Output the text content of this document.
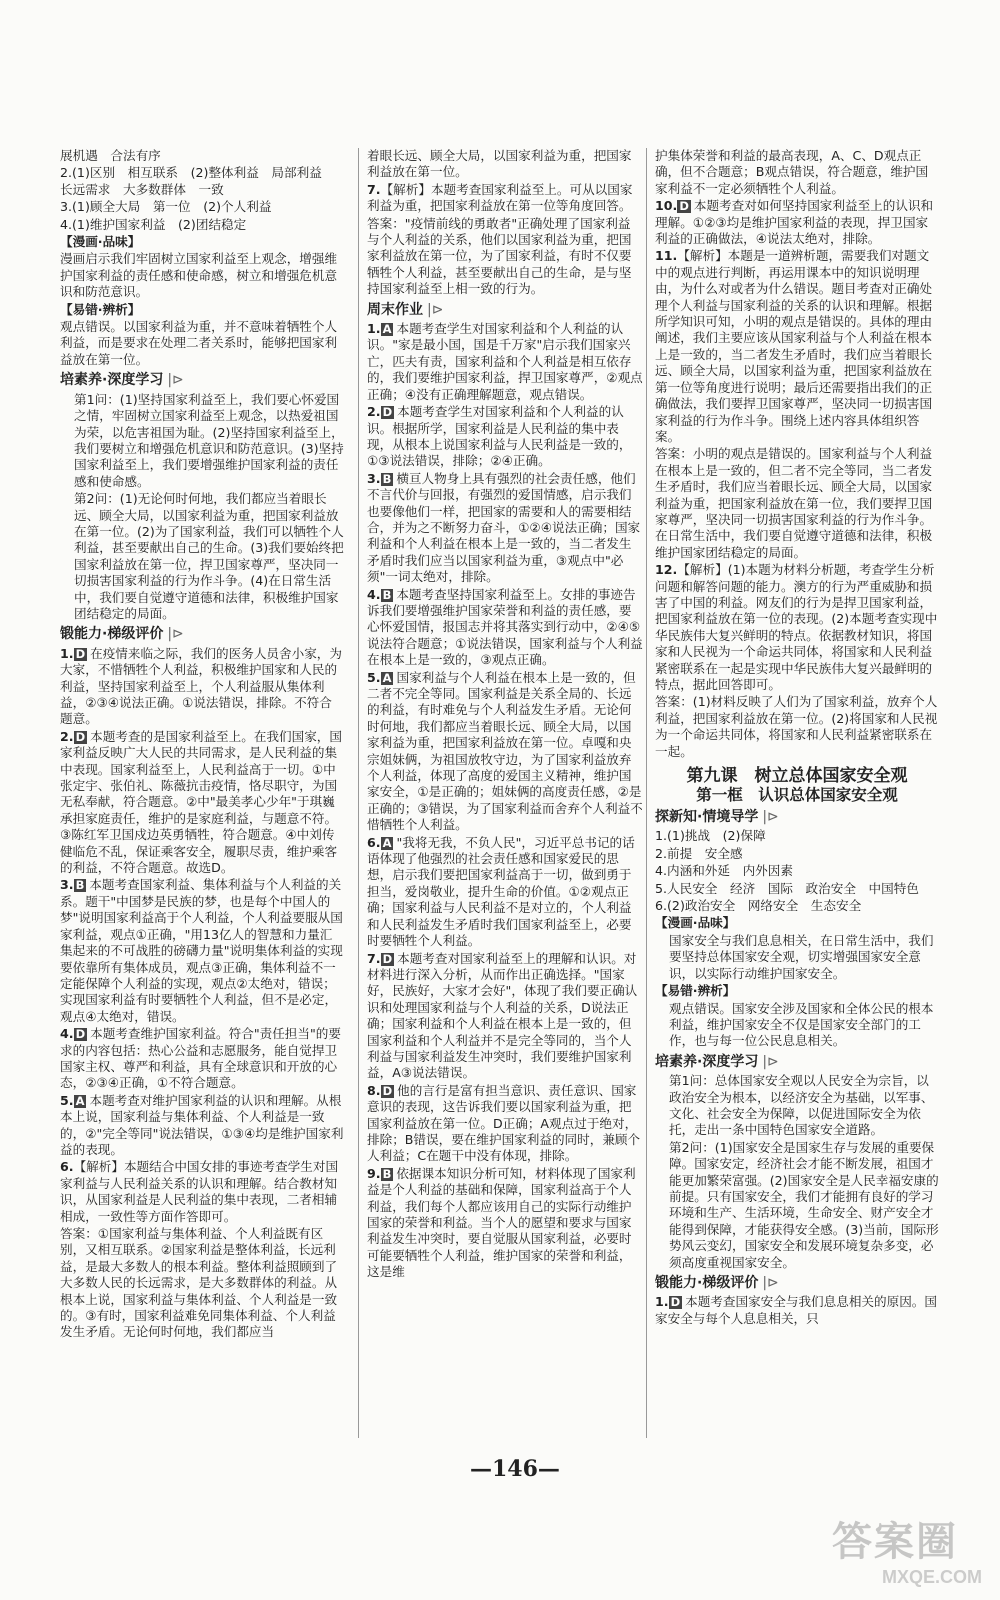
展机遇　合法有序
2.(1)区别　相互联系　(2)整体利益　局部利益　长远需求　大多数群体　一致
3.(1)顾全大局　第一位　(2)个人利益
4.(1)维护国家利益　(2)团结稳定
【漫画·品味】
漫画启示我们牢固树立国家利益至上观念，增强维护国家利益的责任感和使命感，树立和增强危机意识和防范意识。
【易错·辨析】
观点错误。以国家利益为重，并不意味着牺牲个人利益，而是要求在处理二者关系时，能够把国家利益放在第一位。
培素养·深度学习 |⊳
第1问：(1)坚持国家利益至上，我们要心怀爱国之情，牢固树立国家利益至上观念，以热爱祖国为荣，以危害祖国为耻。(2)坚持国家利益至上，我们要树立和增强危机意识和防范意识。(3)坚持国家利益至上，我们要增强维护国家利益的责任感和使命感。
第2问：(1)无论何时何地，我们都应当着眼长远、顾全大局，以国家利益为重，把国家利益放在第一位。(2)为了国家利益，我们可以牺牲个人利益，甚至要献出自己的生命。(3)我们要始终把国家利益放在第一位，捍卫国家尊严，坚决同一切损害国家利益的行为作斗争。(4)在日常生活中，我们要自觉遵守道德和法律，积极维护国家团结稳定的局面。
锻能力·梯级评价 |⊳
1. D 在疫情来临之际，我们的医务人员舍小家，为大家，不惜牺牲个人利益，积极维护国家和人民的利益，坚持国家利益至上，个人利益服从集体利益，②③④说法正确。①说法错误，排除。不符合题意。
2. D 本题考查的是国家利益至上。在我们国家，国家利益反映广大人民的共同需求，是人民利益的集中表现。国家利益至上，人民利益高于一切。①中张定宇、张伯礼、陈薇抗击疫情，恪尽职守，为国无私奉献，符合题意。②中"最美孝心少年"于琪巍承担家庭责任，维护的是家庭利益，与题意不符。③陈红军卫国戍边英勇牺牲，符合题意。④中刘传健临危不乱，保证乘客安全，履职尽责，维护乘客的利益，不符合题意。故选D。
3. B 本题考查国家利益、集体利益与个人利益的关系。题干"中国梦是民族的梦，也是每个中国人的梦"说明国家利益高于个人利益，个人利益要服从国家利益，观点①正确，"用13亿人的智慧和力量汇集起来的不可战胜的磅礴力量"说明集体利益的实现要依靠所有集体成员，观点③正确，集体利益不一定能保障个人利益的实现，观点②太绝对，错误；实现国家利益有时要牺牲个人利益，但不是必定，观点④太绝对，错误。
4. D 本题考查维护国家利益。符合"责任担当"的要求的内容包括：热心公益和志愿服务，能自觉捍卫国家主权、尊严和利益，具有全球意识和开放的心态，②③④正确，①不符合题意。
5. A 本题考查对维护国家利益的认识和理解。从根本上说，国家利益与集体利益、个人利益是一致的，②"完全等同"说法错误，①③④均是维护国家利益的表现。
6.【解析】本题结合中国女排的事迹考查学生对国家利益与人民利益关系的认识和理解。结合教材知识，从国家利益是人民利益的集中表现，二者相辅相成，一致性等方面作答即可。
答案：①国家利益与集体利益、个人利益既有区别，又相互联系。②国家利益是整体利益，长远利益，是最大多数人的根本利益。整体利益照顾到了大多数人民的长远需求，是大多数群体的利益。从根本上说，国家利益与集体利益、个人利益是一致的。③有时，国家利益难免同集体利益、个人利益发生矛盾。无论何时何地，我们都应当
着眼长远、顾全大局，以国家利益为重，把国家利益放在第一位。
7.【解析】本题考查国家利益至上。可从以国家利益为重，把国家利益放在第一位等角度回答。
答案："疫情前线的勇敢者"正确处理了国家利益与个人利益的关系，他们以国家利益为重，把国家利益放在第一位，为了国家利益，有时不仅要牺牲个人利益，甚至要献出自己的生命，是与坚持国家利益至上相一致的行为。
周末作业 |⊳
1. A 本题考查学生对国家利益和个人利益的认识。"家是最小国，国是千万家"启示我们国家兴亡，匹夫有责，国家利益和个人利益是相互依存的，我们要维护国家利益，捍卫国家尊严，②观点正确；④没有正确理解题意，观点错误。
2. D 本题考查学生对国家利益和个人利益的认识。根据所学，国家利益是人民利益的集中表现，从根本上说国家利益与人民利益是一致的，①③说法错误，排除；②④正确。
3. B 横亘人物身上具有强烈的社会责任感，他们不言代价与回报，有强烈的爱国情感，启示我们也要像他们一样，把国家的需要和人的需要相结合，并为之不断努力奋斗，①②④说法正确；国家利益和个人利益在根本上是一致的，当二者发生矛盾时我们应当以国家利益为重，③观点中"必须"一词太绝对，排除。
4. B 本题考查坚持国家利益至上。女排的事迹告诉我们要增强维护国家荣誉和利益的责任感，要心怀爱国情，报国志并将其落实到行动中，②④⑤说法符合题意；①说法错误，国家利益与个人利益在根本上是一致的，③观点正确。
5. A 国家利益与个人利益在根本上是一致的，但二者不完全等同。国家利益是关系全局的、长远的利益，有时难免与个人利益发生矛盾。无论何时何地，我们都应当着眼长远、顾全大局，以国家利益为重，把国家利益放在第一位。卓嘎和央宗姐妹俩，为祖国放牧守边，为了国家利益放弃个人利益，体现了高度的爱国主义精神，维护国家安全，①是正确的；姐妹俩的高度责任感，②是正确的；③错误，为了国家利益而舍弃个人利益不惜牺牲个人利益。
6. A "我将无我，不负人民"，习近平总书记的话语体现了他强烈的社会责任感和国家爱民的思想，启示我们要把国家利益高于一切，做到勇于担当，爱岗敬业，提升生命的价值。①②观点正确；国家利益与人民利益不是对立的，个人利益和人民利益发生矛盾时我们国家利益至上，必要时要牺牲个人利益。
7. D 本题考查对国家利益至上的理解和认识。对材料进行深入分析，从而作出正确选择。"国家好，民族好，大家才会好"，体现了我们要正确认识和处理国家利益与个人利益的关系，D说法正确；国家利益和个人利益在根本上是一致的，但国家利益和个人利益并不是完全等同的，当个人利益与国家利益发生冲突时，我们要维护国家利益，A③说法错误。
8. D 他的言行是富有担当意识、责任意识、国家意识的表现，这告诉我们要以国家利益为重，把国家利益放在第一位。D正确；A观点过于绝对，排除；B错误，要在维护国家利益的同时，兼顾个人利益；C在题干中没有体现，排除。
9. B 依据课本知识分析可知，材料体现了国家利益是个人利益的基础和保障，国家利益高于个人利益，我们每个人都应该用自己的实际行动维护国家的荣誉和利益。当个人的愿望和要求与国家利益发生冲突时，要自觉服从国家利益，必要时可能要牺牲个人利益，维护国家的荣誉和利益，这是维
护集体荣誉和利益的最高表现，A、C、D观点正确，但不合题意；B观点错误，符合题意，维护国家利益不一定必须牺牲个人利益。
10. D 本题考查对如何坚持国家利益至上的认识和理解。①②③均是维护国家利益的表现，捍卫国家利益的正确做法，④说法太绝对，排除。
11.【解析】本题是一道辨析题，需要我们对题文中的观点进行判断，再运用课本中的知识说明理由，为什么对或者为什么错误。题目考查对正确处理个人利益与国家利益的关系的认识和理解。根据所学知识可知，小明的观点是错误的。具体的理由阐述，我们主要应该从国家利益与个人利益在根本上是一致的，当二者发生矛盾时，我们应当着眼长远、顾全大局，以国家利益为重，把国家利益放在第一位等角度进行说明；最后还需要指出我们的正确做法，我们要捍卫国家尊严，坚决同一切损害国家利益的行为作斗争。围绕上述内容具体组织答案。
答案：小明的观点是错误的。国家利益与个人利益在根本上是一致的，但二者不完全等同，当二者发生矛盾时，我们应当着眼长远、顾全大局，以国家利益为重，把国家利益放在第一位，我们要捍卫国家尊严，坚决同一切损害国家利益的行为作斗争。在日常生活中，我们要自觉遵守道德和法律，积极维护国家团结稳定的局面。
12.【解析】(1)本题为材料分析题，考查学生分析问题和解答问题的能力。澳方的行为严重威胁和损害了中国的利益。网友们的行为是捍卫国家利益，把国家利益放在第一位的表现。(2)本题考查实现中华民族伟大复兴鲜明的特点。依据教材知识，将国家和人民视为一个命运共同体，将国家和人民利益紧密联系在一起是实现中华民族伟大复兴最鲜明的特点，据此回答即可。
答案：(1)材料反映了人们为了国家利益，放弃个人利益，把国家利益放在第一位。(2)将国家和人民视为一个命运共同体，将国家和人民利益紧密联系在一起。
第九课　树立总体国家安全观
第一框　认识总体国家安全观
探新知·情境导学 |⊳
1.(1)挑战　(2)保障
2.前提　安全感
4.内涵和外延　内外因素
5.人民安全　经济　国际　政治安全　中国特色
6.(2)政治安全　网络安全　生态安全
【漫画·品味】
国家安全与我们息息相关，在日常生活中，我们要坚持总体国家安全观，切实增强国家安全意识，以实际行动维护国家安全。
【易错·辨析】
观点错误。国家安全涉及国家和全体公民的根本利益，维护国家安全不仅是国家安全部门的工作，也与每一位公民息息相关。
培素养·深度学习 |⊳
第1问：总体国家安全观以人民安全为宗旨，以政治安全为根本，以经济安全为基础，以军事、文化、社会安全为保障，以促进国际安全为依托，走出一条中国特色国家安全道路。
第2问：(1)国家安全是国家生存与发展的重要保障。国家安定，经济社会才能不断发展，祖国才能更加繁荣富强。(2)国家安全是人民幸福安康的前提。只有国家安全，我们才能拥有良好的学习环境和生产、生活环境，生命安全、财产安全才能得到保障，才能获得安全感。(3)当前，国际形势风云变幻，国家安全和发展环境复杂多变，必须高度重视国家安全。
锻能力·梯级评价 |⊳
1. D 本题考查国家安全与我们息息相关的原因。国家安全与每个人息息相关，只
—146—
答案圈
MXQE.COM
